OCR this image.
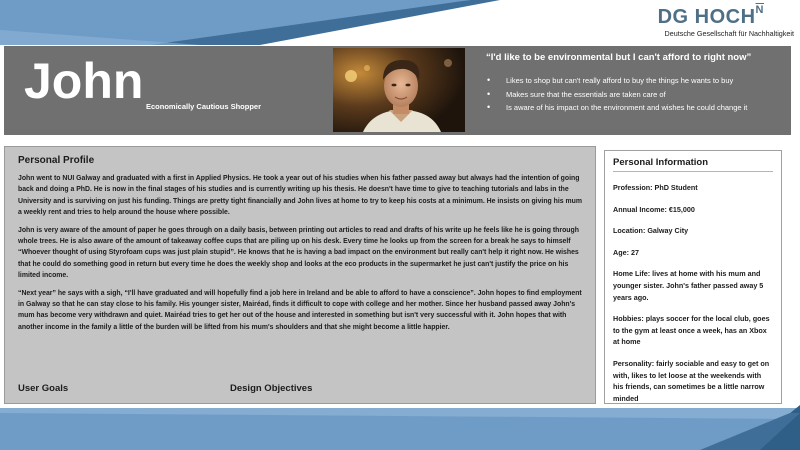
DG $HOCH^{\overline{N}}$
Deutsche Gesellschaft für Nachhaltigkeit
John Economically Cautious Shopper
“I'd like to be environmental but I can't afford to right now”
• Likes to shop but can't really afford to buy the things he wants to buy
• Makes sure that the essentials are taken care of
• Is aware of his impact on the environment and wishes he could change it
Personal Profile

John went to NUI Galway and graduated with a first in Applied Physics. He took a year out of his studies when his father passed away but always had the intention of going back and doing a PhD. He is now in the final stages of his studies and is currently writing up his thesis. He doesn't have time to give to teaching tutorials and labs in the University and is surviving on just his funding. Things are pretty tight financially and John lives at home to try to keep his costs at a minimum. He insists on giving his mum a weekly rent and tries to help around the house where possible.

John is very aware of the amount of paper he goes through on a daily basis, between printing out articles to read and drafts of his write up he feels like he is going through whole trees. He is also aware of the amount of takeaway coffee cups that are piling up on his desk. Every time he looks up from the screen for a break he says to himself “Whoever thought of using Styrofoam cups was just plain stupid”. He knows that he is having a bad impact on the environment but really can't help it right now. He wishes that he could do something good in return but every time he does the weekly shop and looks at the eco products in the supermarket he just can't justify the price on his limited income.

“Next year” he says with a sigh, “I'll have graduated and will hopefully find a job here in Ireland and be able to afford to have a conscience”. John hopes to find employment in Galway so that he can stay close to his family. His younger sister, Mairéad, finds it difficult to cope with college and her mother. Since her husband passed away John's mum has become very withdrawn and quiet. Mairéad tries to get her out of the house and interested in something but isn't very successful with it. John hopes that with another income in the family a little of the burden will be lifted from his mum's shoulders and that she might become a little happier.

User Goals	Design Objectives
Personal Information
Profession: PhD Student
Annual Income: €15,000
Location: Galway City
Age: 27
Home Life: lives at home with his mum and younger sister. John's father passed away 5 years ago.
Hobbies: plays soccer for the local club, goes to the gym at least once a week, has an Xbox at home
Personality: fairly sociable and easy to get on with, likes to let loose at the weekends with his friends, can sometimes be a little narrow minded
